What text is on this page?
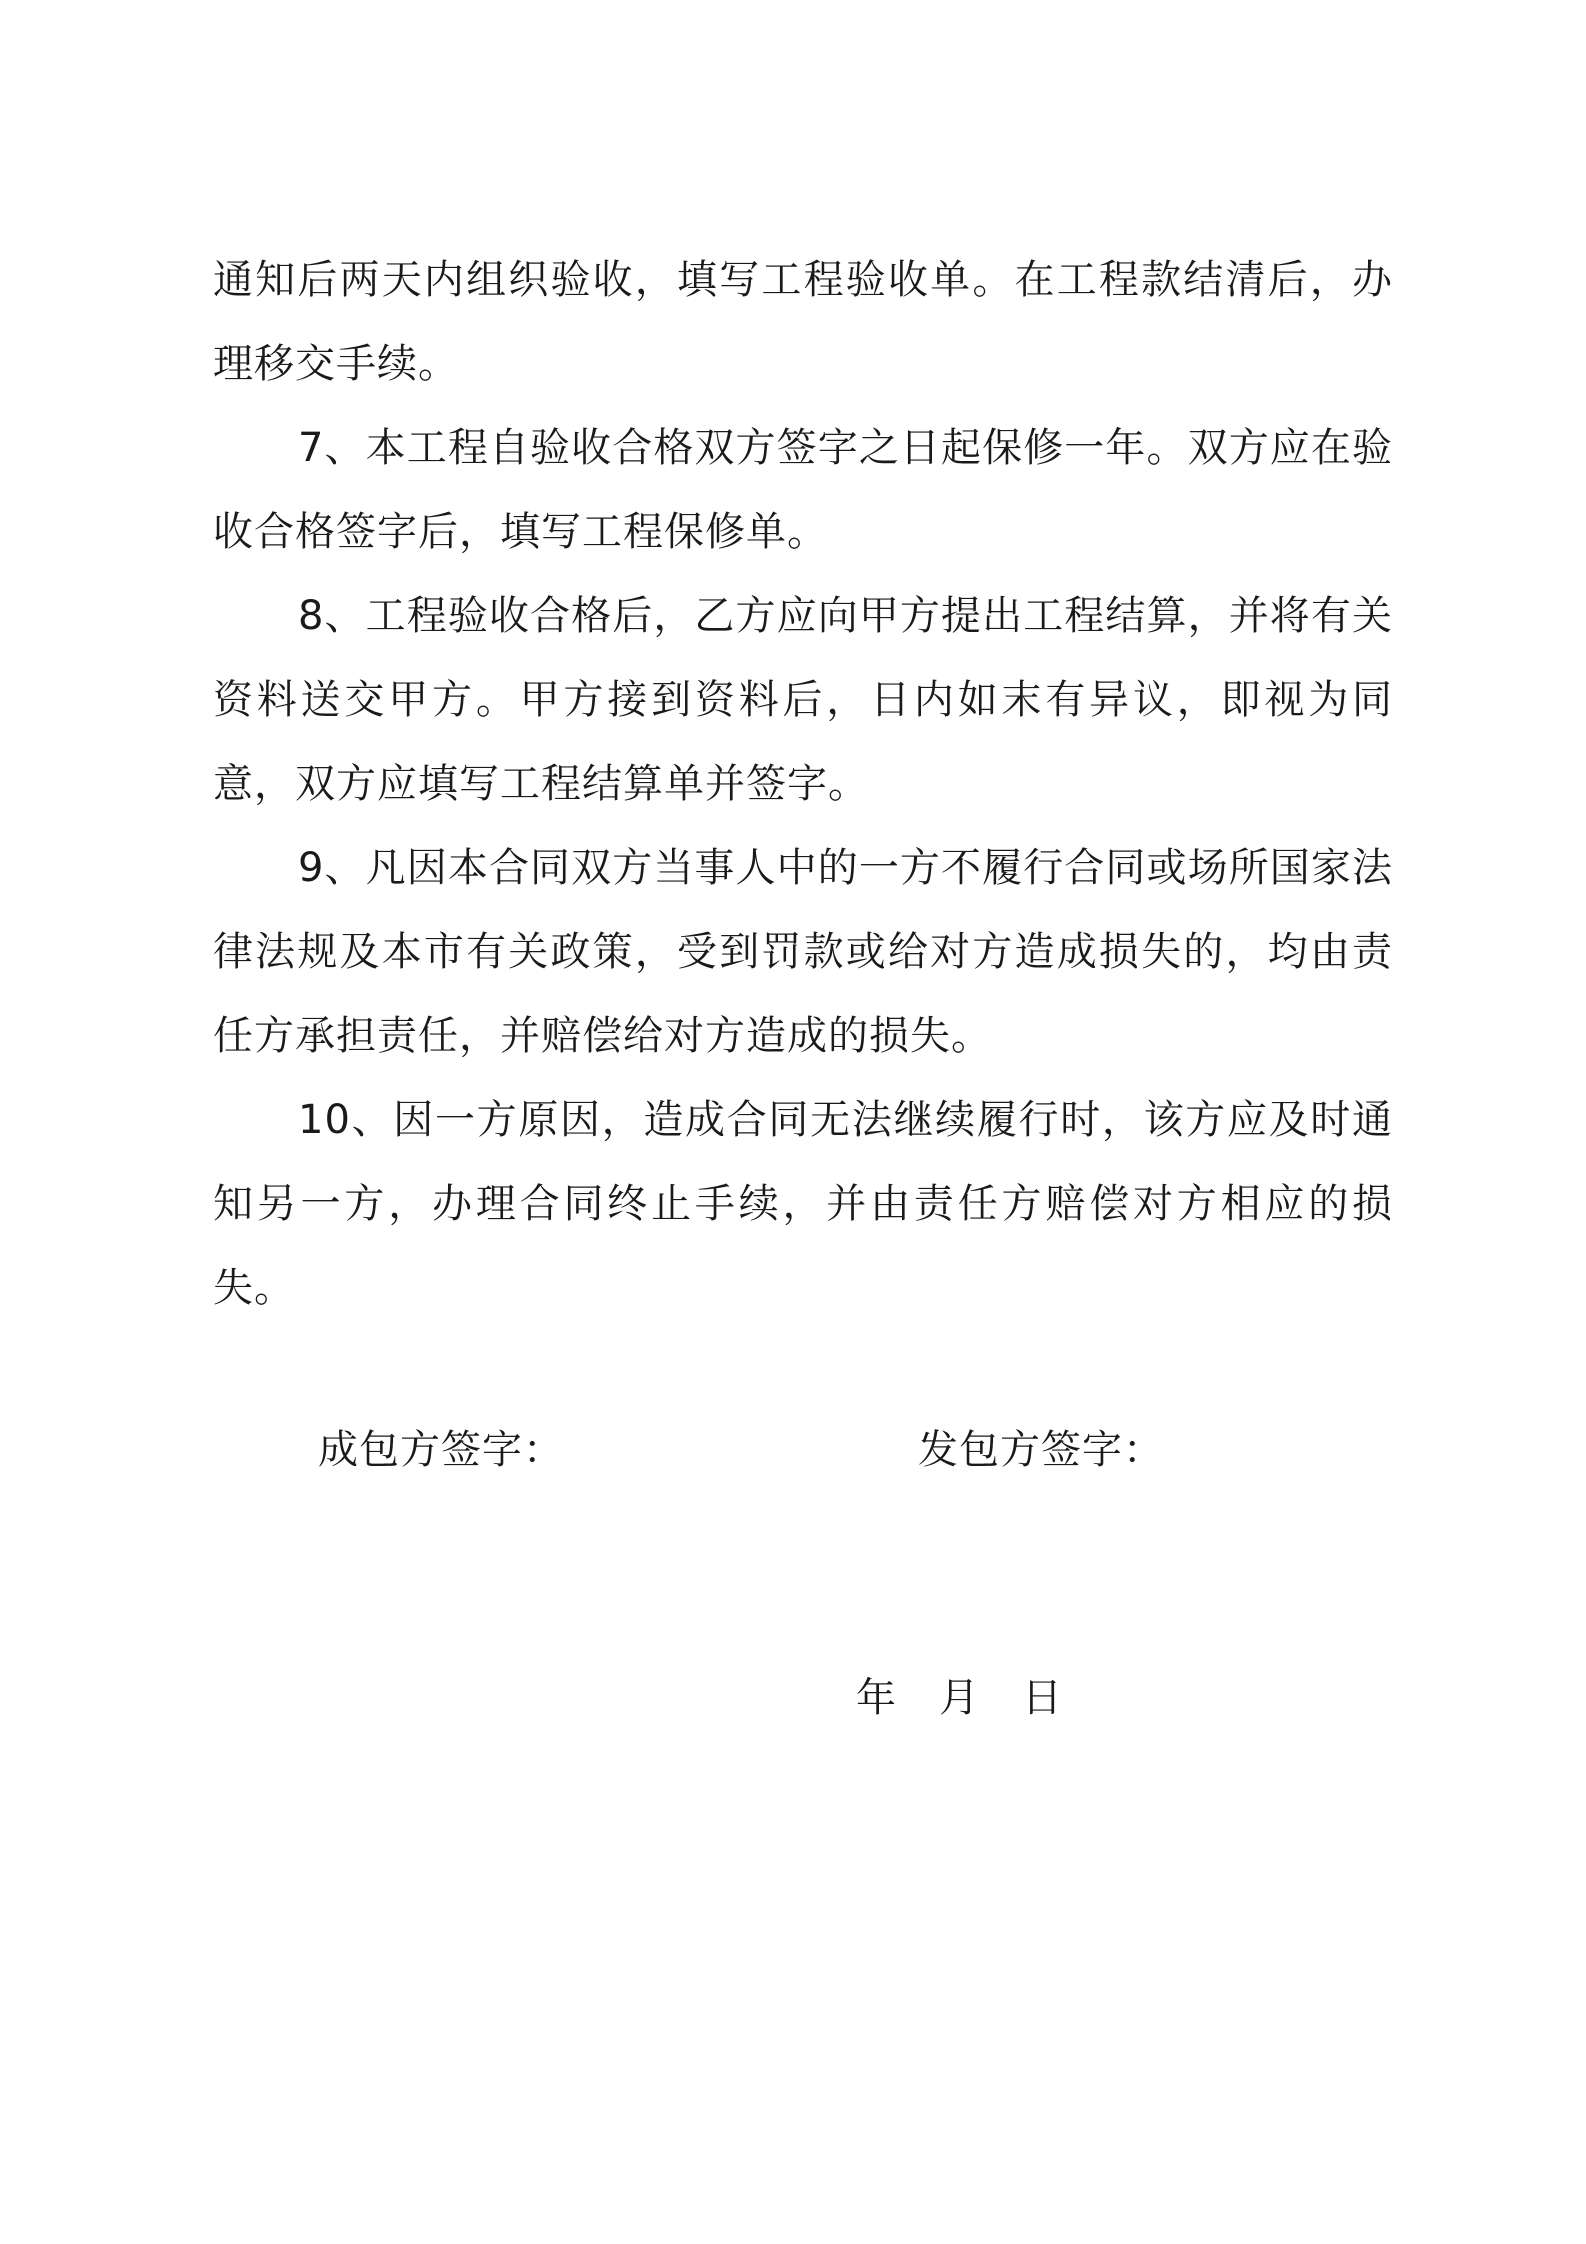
通知后两天内组织验收，填写工程验收单。在工程款结清后，办理移交手续。

7、本工程自验收合格双方签字之日起保修一年。双方应在验收合格签字后，填写工程保修单。

8、工程验收合格后，乙方应向甲方提出工程结算，并将有关资料送交甲方。甲方接到资料后，日内如末有异议，即视为同意，双方应填写工程结算单并签字。

9、凡因本合同双方当事人中的一方不履行合同或场所国家法律法规及本市有关政策，受到罚款或给对方造成损失的，均由责任方承担责任，并赔偿给对方造成的损失。

10、因一方原因，造成合同无法继续履行时，该方应及时通知另一方，办理合同终止手续，并由责任方赔偿对方相应的损失。

成包方签字：	发包方签字：
年 月 日
